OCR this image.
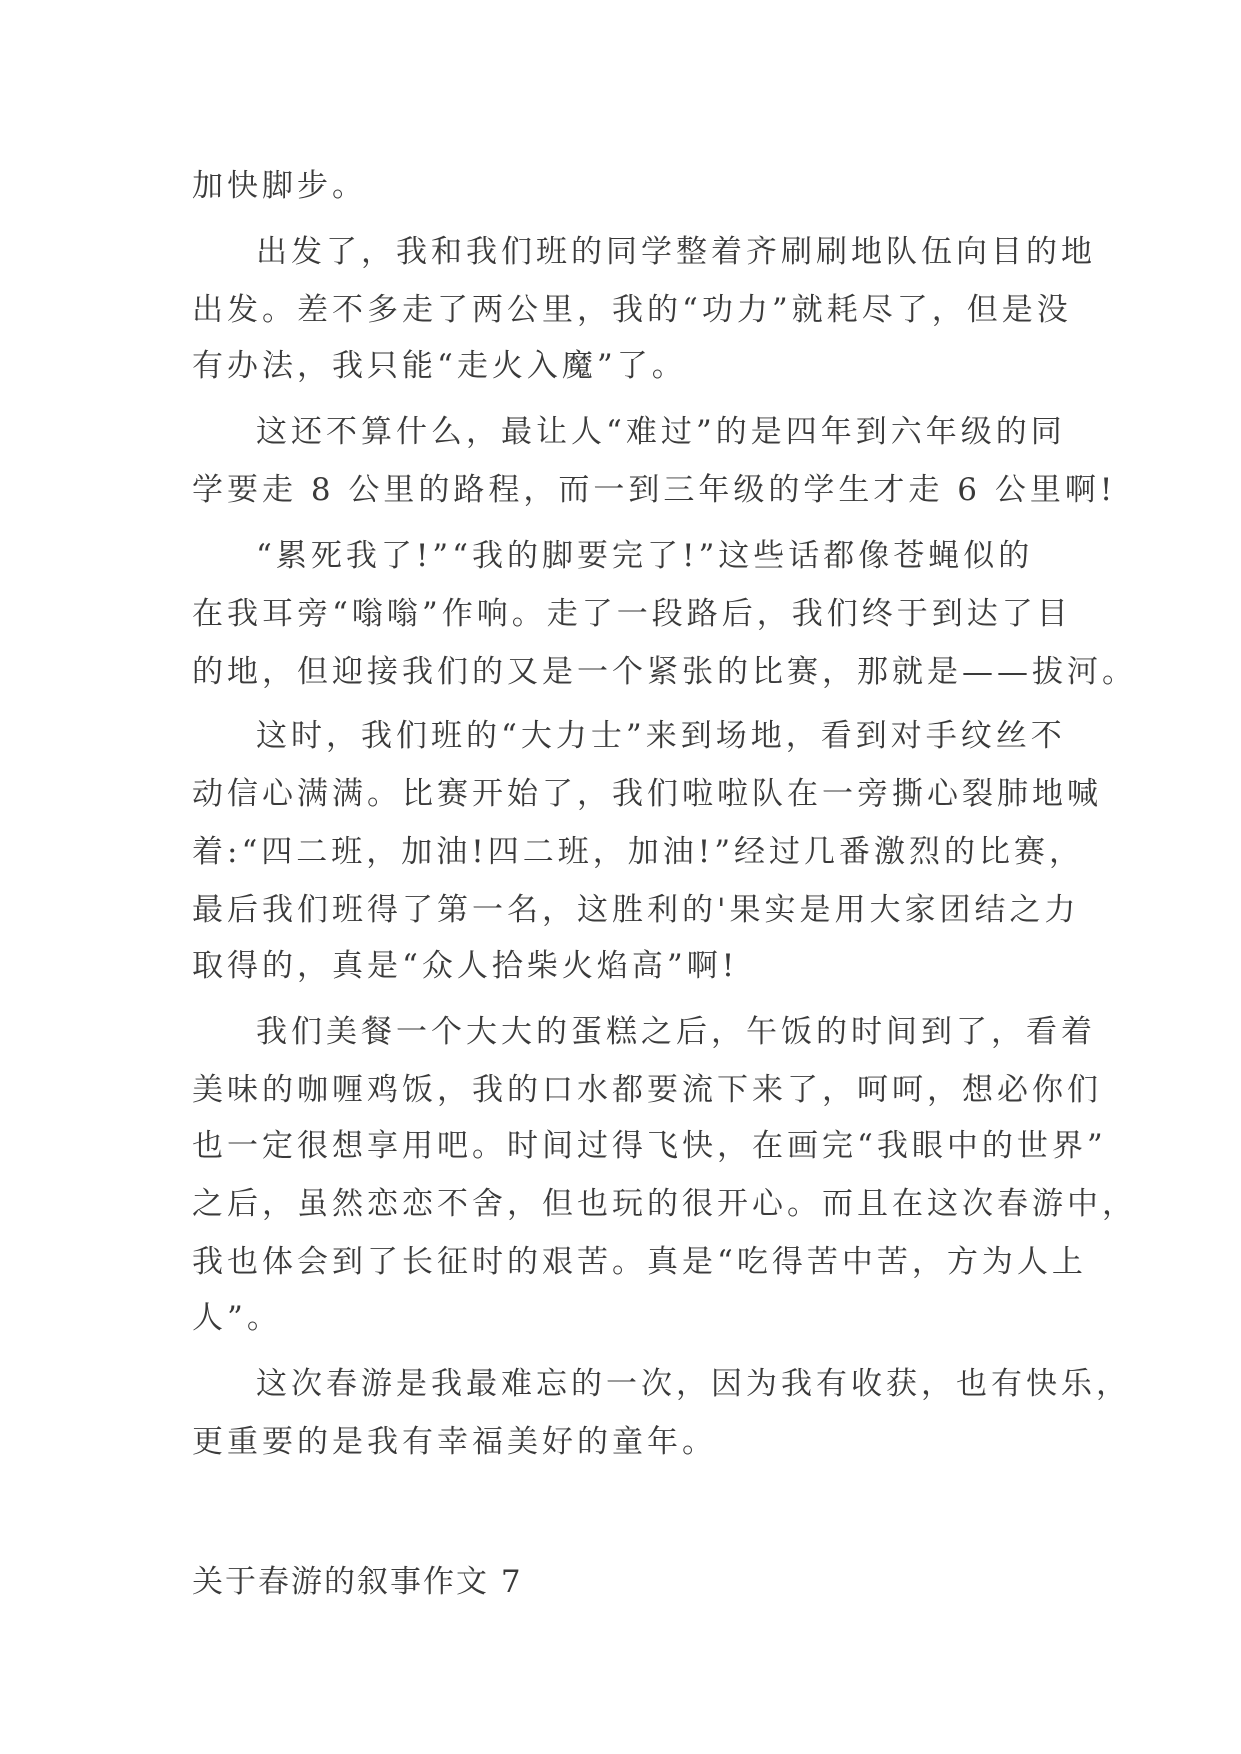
加快脚步。
出发了，我和我们班的同学整着齐刷刷地队伍向目的地
出发。差不多走了两公里，我的“功力”就耗尽了，但是没
有办法，我只能“走火入魔”了。
这还不算什么，最让人“难过”的是四年到六年级的同
学要走 8 公里的路程，而一到三年级的学生才走 6 公里啊!
“累死我了!”“我的脚要完了!”这些话都像苍蝇似的
在我耳旁“嗡嗡”作响。走了一段路后，我们终于到达了目
的地，但迎接我们的又是一个紧张的比赛，那就是——拔河。
这时，我们班的“大力士”来到场地，看到对手纹丝不
动信心满满。比赛开始了，我们啦啦队在一旁撕心裂肺地喊
着:“四二班，加油!四二班，加油!”经过几番激烈的比赛，
最后我们班得了第一名，这胜利的'果实是用大家团结之力
取得的，真是“众人拾柴火焰高”啊!
我们美餐一个大大的蛋糕之后，午饭的时间到了，看着
美味的咖喱鸡饭，我的口水都要流下来了，呵呵，想必你们
也一定很想享用吧。时间过得飞快，在画完“我眼中的世界”
之后，虽然恋恋不舍，但也玩的很开心。而且在这次春游中，
我也体会到了长征时的艰苦。真是“吃得苦中苦，方为人上
人”。
这次春游是我最难忘的一次，因为我有收获，也有快乐，
更重要的是我有幸福美好的童年。
关于春游的叙事作文 7
